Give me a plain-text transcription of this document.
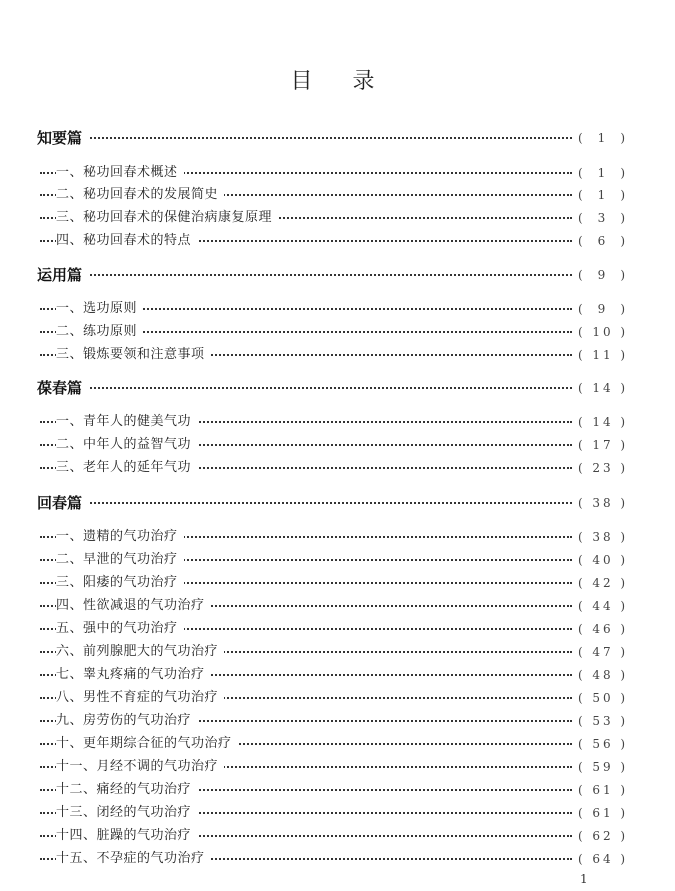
目录
知要篇	( 1	)
一、秘功回春术概述	( 1	)
二、秘功回春术的发展简史	( 1	)
三、秘功回春术的保健治病康复原理	( 3	)
四、秘功回春术的特点	( 6	)
运用篇	( 9	)
一、选功原则	( 9	)
二、练功原则	( 10 )
三、锻炼要领和注意事项	( 11 )
葆春篇	( 14 )
一、青年人的健美气功	( 14 )
二、中年人的益智气功	( 17 )
三、老年人的延年气功	( 23 )
回春篇	( 38 )
一、遗精的气功治疗	( 38 )
二、早泄的气功治疗	( 40 )
三、阳痿的气功治疗	( 42 )
四、性欲减退的气功治疗	( 44 )
五、强中的气功治疗	( 46 )
六、前列腺肥大的气功治疗	( 47 )
七、睾丸疼痛的气功治疗	( 48 )
八、男性不育症的气功治疗	( 50 )
九、房劳伤的气功治疗	( 53 )
十、更年期综合征的气功治疗	( 56 )
十一、月经不调的气功治疗	( 59 )
十二、痛经的气功治疗	( 61 )
十三、闭经的气功治疗	( 61 )
十四、脏躁的气功治疗	( 62 )
十五、不孕症的气功治疗	( 64 )
1
